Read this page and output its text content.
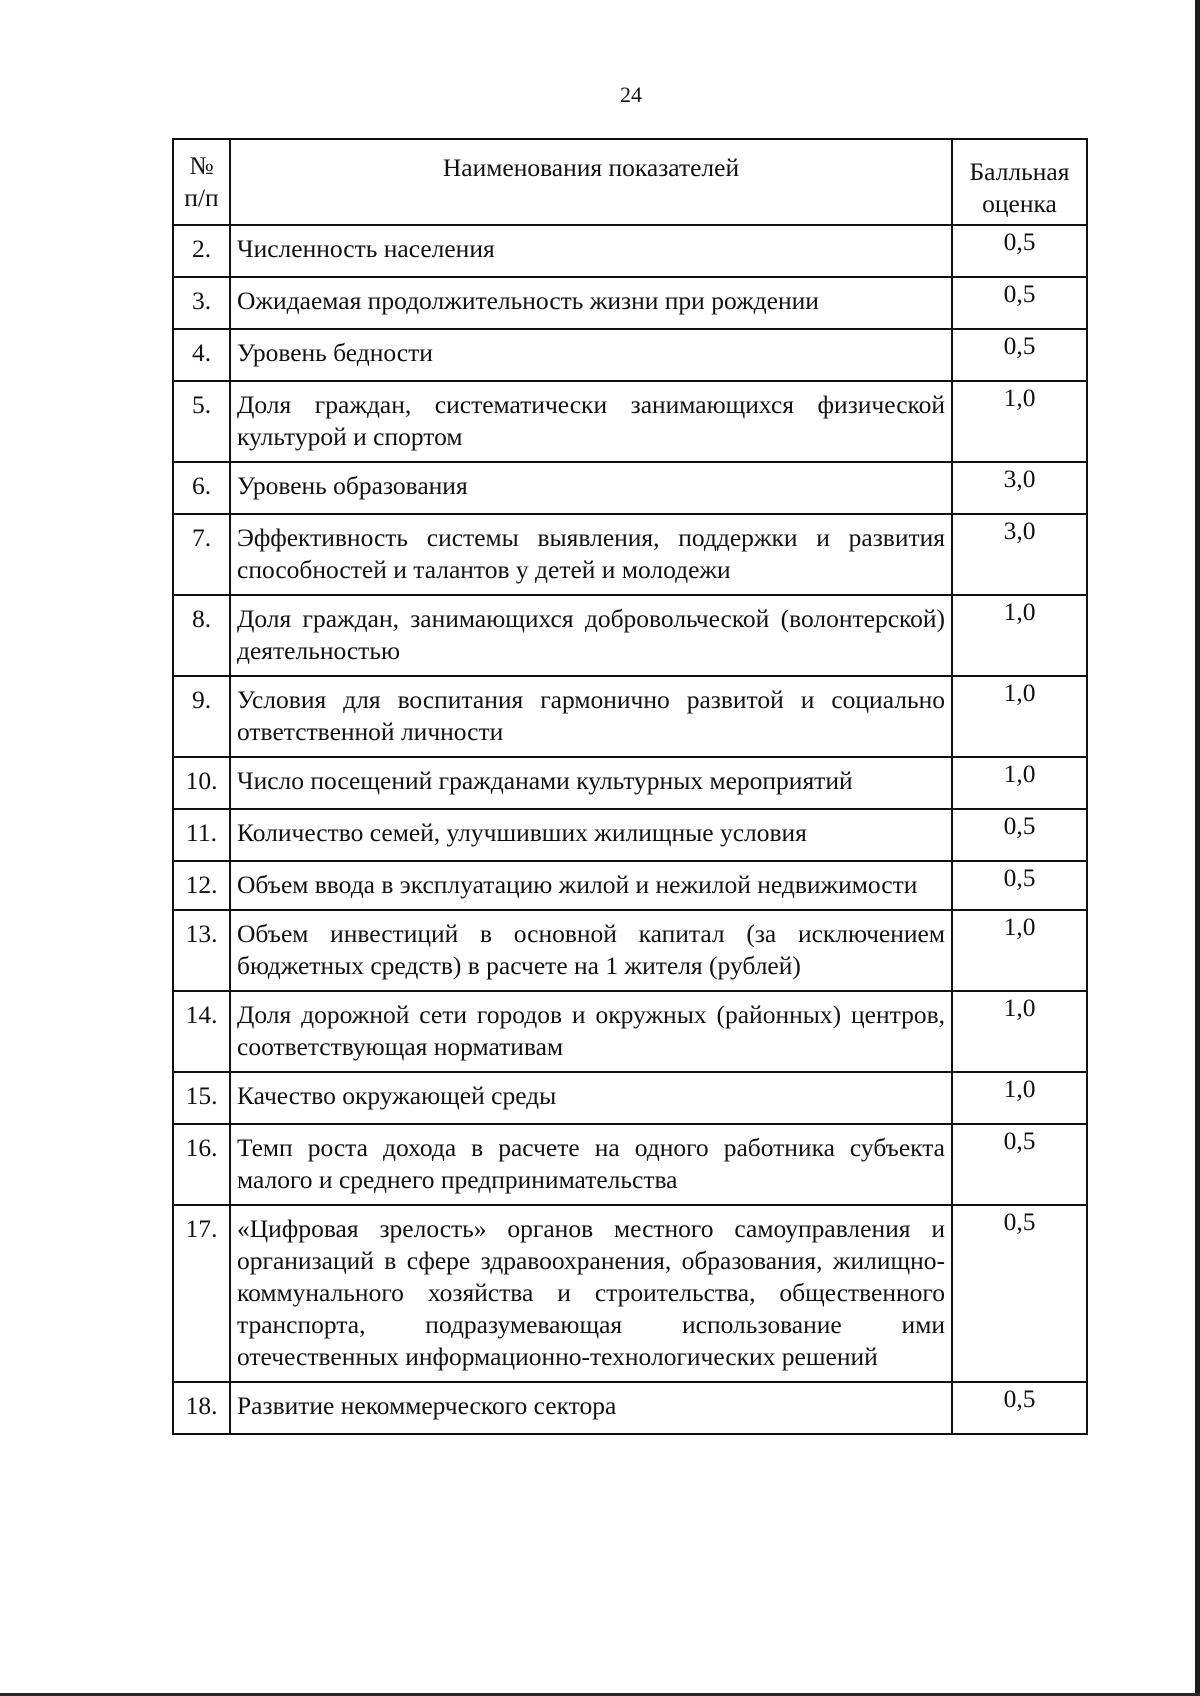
24
№ п/п	Наименования показателей	Балльная оценка
2.	Численность населения	0,5
3.	Ожидаемая продолжительность жизни при рождении	0,5
4.	Уровень бедности	0,5
5.	Доля граждан, систематически занимающихся физической культурой и спортом	1,0
6.	Уровень образования	3,0
7.	Эффективность системы выявления, поддержки и развития способностей и талантов у детей и молодежи	3,0
8.	Доля граждан, занимающихся добровольческой (волонтерской) деятельностью	1,0
9.	Условия для воспитания гармонично развитой и социально ответственной личности	1,0
10.	Число посещений гражданами культурных мероприятий	1,0
11.	Количество семей, улучшивших жилищные условия	0,5
12.	Объем ввода в эксплуатацию жилой и нежилой недвижимости	0,5
13.	Объем инвестиций в основной капитал (за исключением бюджетных средств) в расчете на 1 жителя (рублей)	1,0
14.	Доля дорожной сети городов и окружных (районных) центров, соответствующая нормативам	1,0
15.	Качество окружающей среды	1,0
16.	Темп роста дохода в расчете на одного работника субъекта малого и среднего предпринимательства	0,5
17.	«Цифровая зрелость» органов местного самоуправления и организаций в сфере здравоохранения, образования, жилищно-коммунального хозяйства и строительства, общественного транспорта, подразумевающая использование ими отечественных информационно-технологических решений	0,5
18.	Развитие некоммерческого сектора	0,5
